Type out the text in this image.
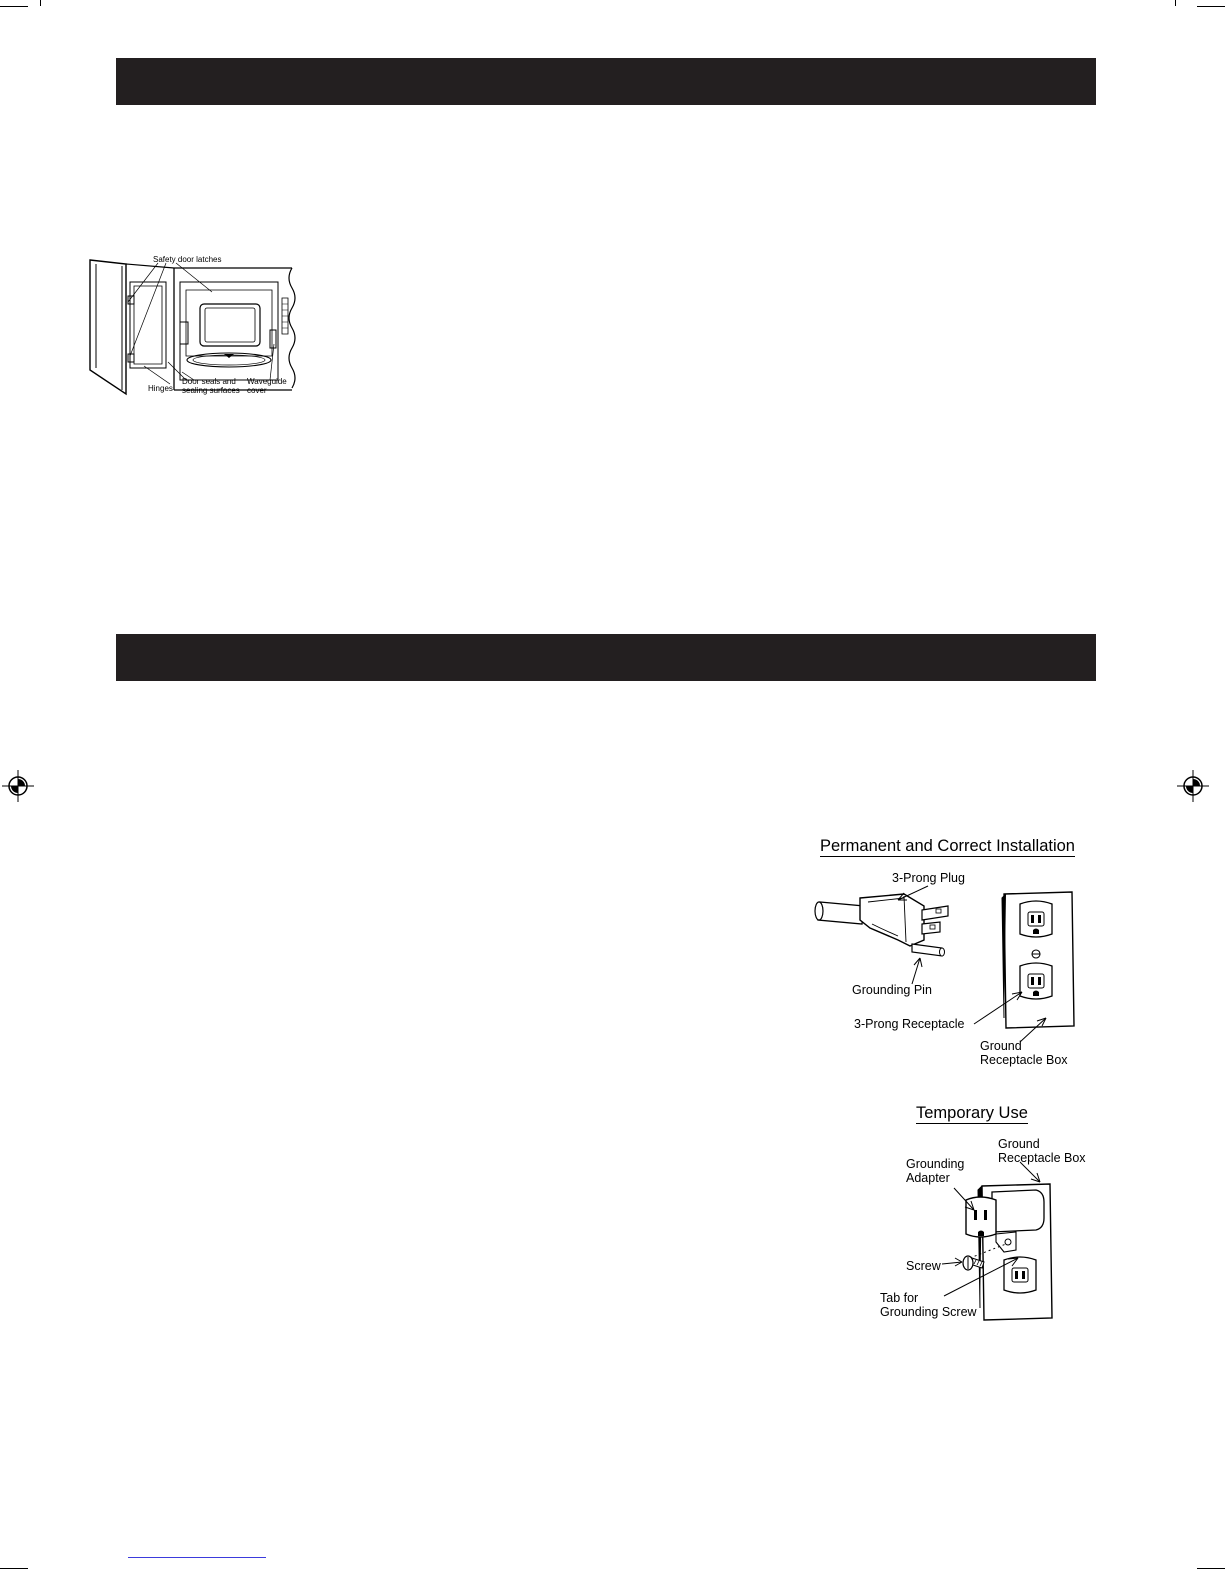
Safety door latches
Hinges
Door seals and
sealing surfaces
Waveguide
cover
Permanent and Correct Installation
3-Prong Plug
Grounding Pin
3-Prong Receptacle
Ground
Receptacle Box
Temporary Use
Ground
Receptacle Box
Grounding
Adapter
Screw
Tab for
Grounding Screw
